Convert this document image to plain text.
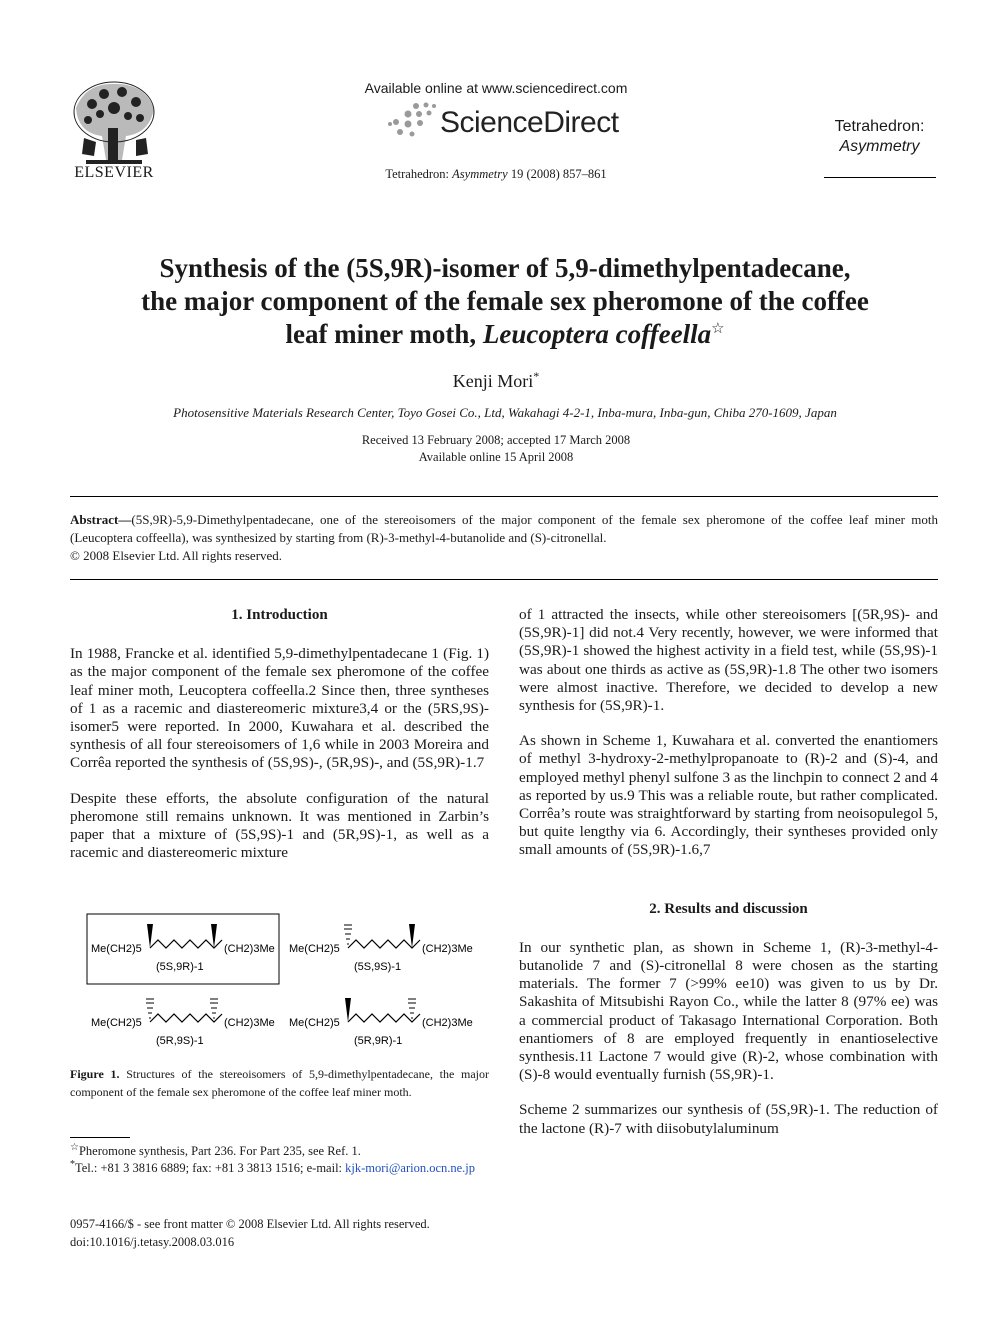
ELSEVIER
Available online at www.sciencedirect.com
ScienceDirect
Tetrahedron: Asymmetry 19 (2008) 857–861
Tetrahedron:
Asymmetry
Synthesis of the (5S,9R)-isomer of 5,9-dimethylpentadecane,
the major component of the female sex pheromone of the coffee
leaf miner moth, Leucoptera coffeella☆
Kenji Mori*
Photosensitive Materials Research Center, Toyo Gosei Co., Ltd, Wakahagi 4-2-1, Inba-mura, Inba-gun, Chiba 270-1609, Japan
Received 13 February 2008; accepted 17 March 2008
Available online 15 April 2008
Abstract—(5S,9R)-5,9-Dimethylpentadecane, one of the stereoisomers of the major component of the female sex pheromone of the coffee leaf miner moth (Leucoptera coffeella), was synthesized by starting from (R)-3-methyl-4-butanolide and (S)-citronellal.
© 2008 Elsevier Ltd. All rights reserved.
1. Introduction

In 1988, Francke et al. identified 5,9-dimethylpentadecane 1 (Fig. 1) as the major component of the female sex pheromone of the coffee leaf miner moth, Leucoptera coffeella.2 Since then, three syntheses of 1 as a racemic and diastereomeric mixture3,4 or the (5RS,9S)-isomer5 were reported. In 2000, Kuwahara et al. described the synthesis of all four stereoisomers of 1,6 while in 2003 Moreira and Corrêa reported the synthesis of (5S,9S)-, (5R,9S)-, and (5S,9R)-1.7

Despite these efforts, the absolute configuration of the natural pheromone still remains unknown. It was mentioned in Zarbin’s paper that a mixture of (5S,9S)-1 and (5R,9S)-1, as well as a racemic and diastereomeric mixture

Me(CH2)5	(CH2)3Me
(5S,9R)-1
Me(CH2)5	(CH2)3Me
(5S,9S)-1
Me(CH2)5	(CH2)3Me
(5R,9S)-1
Me(CH2)5	(CH2)3Me
(5R,9R)-1
Figure 1. Structures of the stereoisomers of 5,9-dimethylpentadecane, the major component of the female sex pheromone of the coffee leaf miner moth.
☆Pheromone synthesis, Part 236. For Part 235, see Ref. 1.
*Tel.: +81 3 3816 6889; fax: +81 3 3813 1516; e-mail: kjk-mori@arion.ocn.ne.jp
0957-4166/$ - see front matter © 2008 Elsevier Ltd. All rights reserved.
doi:10.1016/j.tetasy.2008.03.016

of 1 attracted the insects, while other stereoisomers [(5R,9S)- and (5S,9R)-1] did not.4 Very recently, however, we were informed that (5S,9R)-1 showed the highest activity in a field test, while (5S,9S)-1 was about one thirds as active as (5S,9R)-1.8 The other two isomers were almost inactive. Therefore, we decided to develop a new synthesis for (5S,9R)-1.

As shown in Scheme 1, Kuwahara et al. converted the enantiomers of methyl 3-hydroxy-2-methylpropanoate to (R)-2 and (S)-4, and employed methyl phenyl sulfone 3 as the linchpin to connect 2 and 4 as reported by us.9 This was a reliable route, but rather complicated. Corrêa’s route was straightforward by starting from neoisopulegol 5, but quite lengthy via 6. Accordingly, their syntheses provided only small amounts of (5S,9R)-1.6,7

2. Results and discussion

In our synthetic plan, as shown in Scheme 1, (R)-3-methyl-4-butanolide 7 and (S)-citronellal 8 were chosen as the starting materials. The former 7 (>99% ee10) was given to us by Dr. Sakashita of Mitsubishi Rayon Co., while the latter 8 (97% ee) was a commercial product of Takasago International Corporation. Both enantiomers of 8 are employed frequently in enantioselective synthesis.11 Lactone 7 would give (R)-2, whose combination with (S)-8 would eventually furnish (5S,9R)-1.

Scheme 2 summarizes our synthesis of (5S,9R)-1. The reduction of the lactone (R)-7 with diisobutylaluminum
